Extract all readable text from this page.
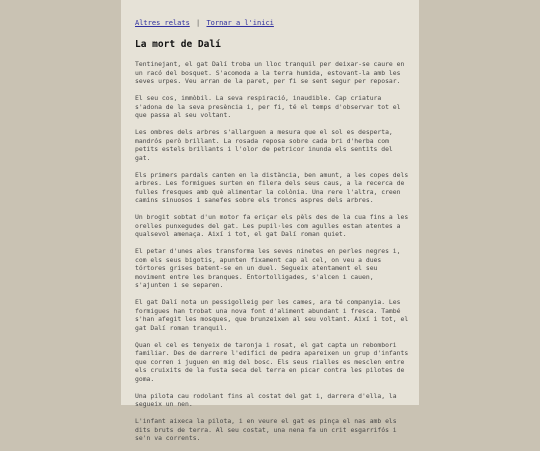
Altres relats | Tornar a l'inici
La mort de Dalí

Tentinejant, el gat Dalí troba un lloc tranquil per deixar-se caure en un racó del bosquet. S'acomoda a la terra humida, estovant-la amb les seves urpes. Veu arran de la paret, per fi se sent segur per reposar.

El seu cos, immòbil. La seva respiració, inaudible. Cap criatura s'adona de la seva presència i, per fi, té el temps d'observar tot el que passa al seu voltant.

Les ombres dels arbres s'allarguen a mesura que el sol es desperta, mandrós però brillant. La rosada reposa sobre cada bri d'herba com petits estels brillants i l'olor de petricor inunda els sentits del gat.

Els primers pardals canten en la distància, ben amunt, a les copes dels arbres. Les formigues surten en filera dels seus caus, a la recerca de fulles fresques amb què alimentar la colònia. Una rere l'altra, creen camins sinuosos i sanefes sobre els troncs aspres dels arbres.

Un brogit sobtat d'un motor fa eriçar els pèls des de la cua fins a les orelles punxegudes del gat. Les pupil·les com agulles estan atentes a qualsevol amenaça. Així i tot, el gat Dalí roman quiet.

El petar d'unes ales transforma les seves ninetes en perles negres i, com els seus bigotis, apunten fixament cap al cel, on veu a dues tórtores grises batent-se en un duel. Segueix atentament el seu moviment entre les branques. Entortolligades, s'alcen i cauen, s'ajunten i se separen.

El gat Dalí nota un pessigolleig per les cames, ara té companyia. Les formigues han trobat una nova font d'aliment abundant i fresca. També s'han afegit les mosques, que brunzeixen al seu voltant. Així i tot, el gat Dalí roman tranquil.

Quan el cel es tenyeix de taronja i rosat, el gat capta un rebombori familiar. Des de darrere l'edifici de pedra apareixen un grup d'infants que corren i juguen en mig del bosc. Els seus rialles es mesclen entre els cruixits de la fusta seca del terra en picar contra les pilotes de goma.

Una pilota cau rodolant fins al costat del gat i, darrera d'ella, la segueix un nen.

L'infant aixeca la pilota, i en veure el gat es pinça el nas amb els dits bruts de terra. Al seu costat, una nena fa un crit esgarrifós i se'n va corrents.
